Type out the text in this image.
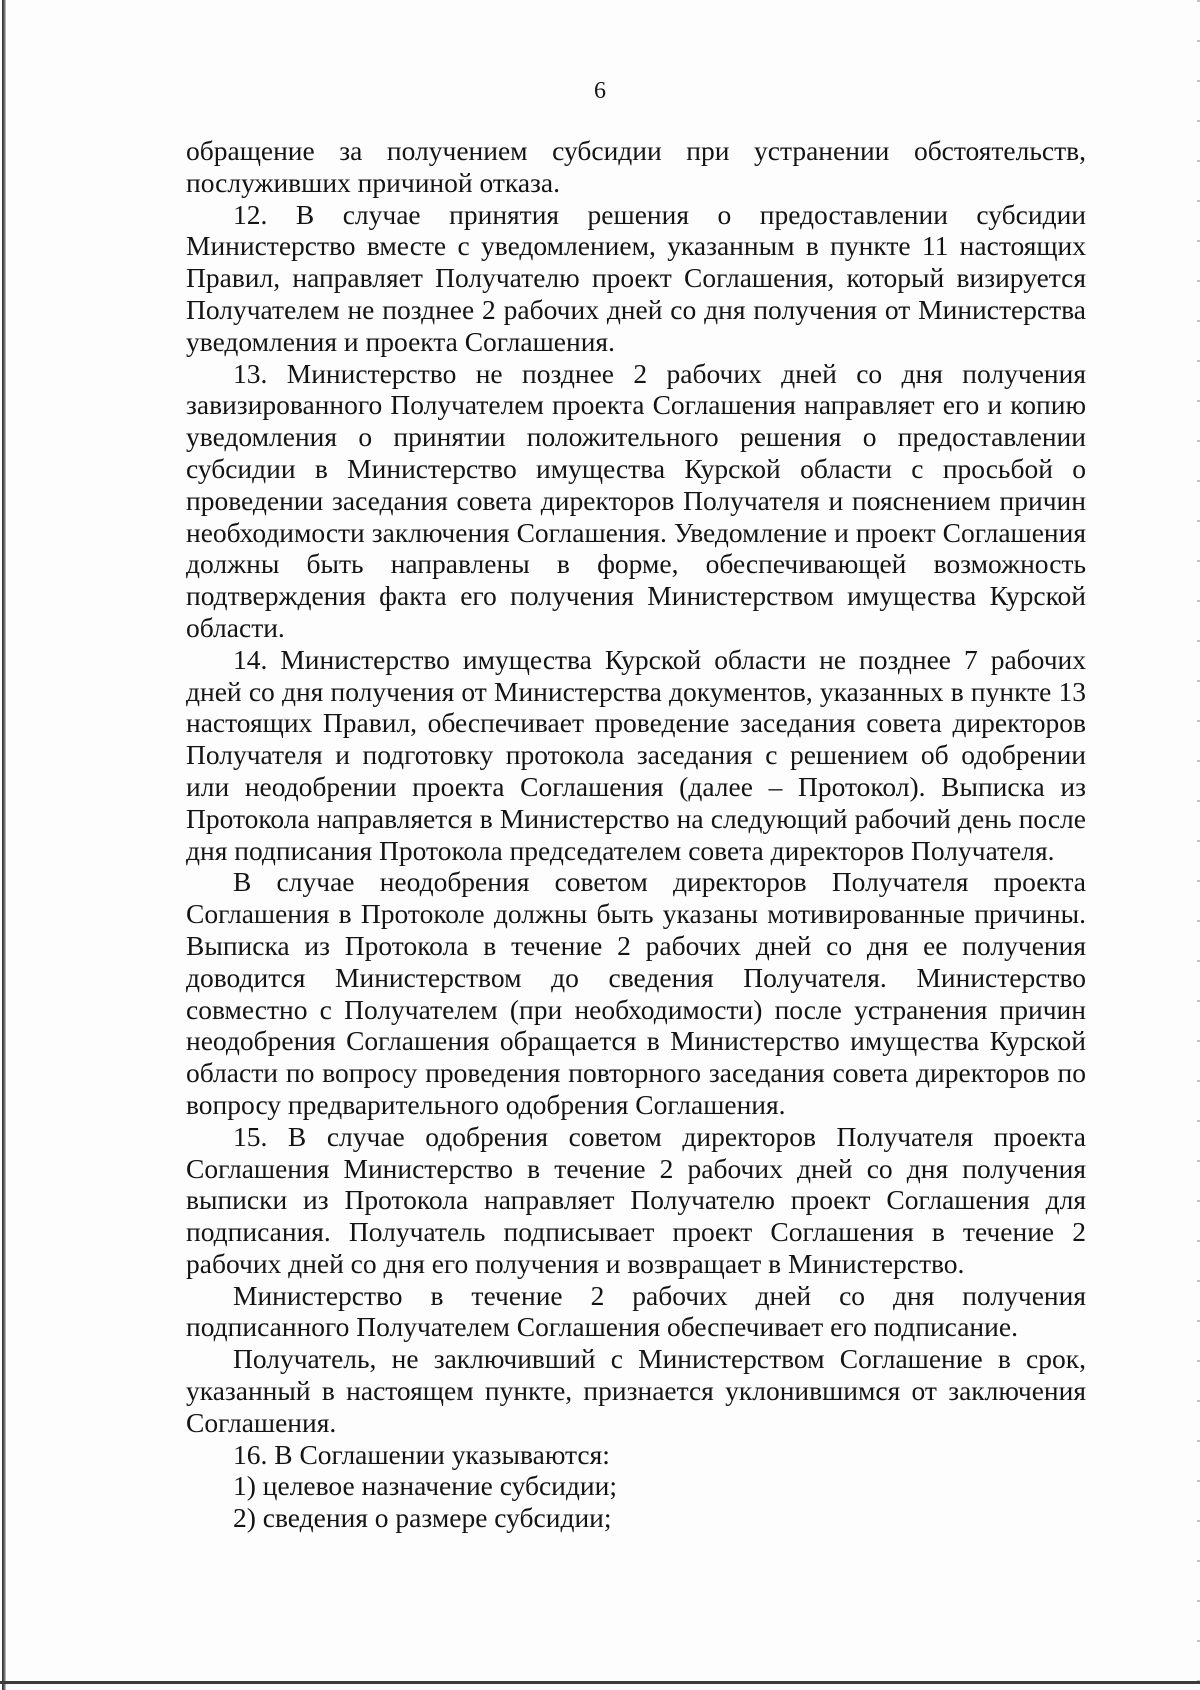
6

обращение за получением субсидии при устранении обстоятельств, послуживших причиной отказа.

12. В случае принятия решения о предоставлении субсидии Министерство вместе с уведомлением, указанным в пункте 11 настоящих Правил, направляет Получателю проект Соглашения, который визируется Получателем не позднее 2 рабочих дней со дня получения от Министерства уведомления и проекта Соглашения.

13. Министерство не позднее 2 рабочих дней со дня получения завизированного Получателем проекта Соглашения направляет его и копию уведомления о принятии положительного решения о предоставлении субсидии в Министерство имущества Курской области с просьбой о проведении заседания совета директоров Получателя и пояснением причин необходимости заключения Соглашения. Уведомление и проект Соглашения должны быть направлены в форме, обеспечивающей возможность подтверждения факта его получения Министерством имущества Курской области.

14. Министерство имущества Курской области не позднее 7 рабочих дней со дня получения от Министерства документов, указанных в пункте 13 настоящих Правил, обеспечивает проведение заседания совета директоров Получателя и подготовку протокола заседания с решением об одобрении или неодобрении проекта Соглашения (далее – Протокол). Выписка из Протокола направляется в Министерство на следующий рабочий день после дня подписания Протокола председателем совета директоров Получателя.

В случае неодобрения советом директоров Получателя проекта Соглашения в Протоколе должны быть указаны мотивированные причины. Выписка из Протокола в течение 2 рабочих дней со дня ее получения доводится Министерством до сведения Получателя. Министерство совместно с Получателем (при необходимости) после устранения причин неодобрения Соглашения обращается в Министерство имущества Курской области по вопросу проведения повторного заседания совета директоров по вопросу предварительного одобрения Соглашения.

15. В случае одобрения советом директоров Получателя проекта Соглашения Министерство в течение 2 рабочих дней со дня получения выписки из Протокола направляет Получателю проект Соглашения для подписания. Получатель подписывает проект Соглашения в течение 2 рабочих дней со дня его получения и возвращает в Министерство.

Министерство в течение 2 рабочих дней со дня получения подписанного Получателем Соглашения обеспечивает его подписание.

Получатель, не заключивший с Министерством Соглашение в срок, указанный в настоящем пункте, признается уклонившимся от заключения Соглашения.

16. В Соглашении указываются:

1) целевое назначение субсидии;

2) сведения о размере субсидии;
